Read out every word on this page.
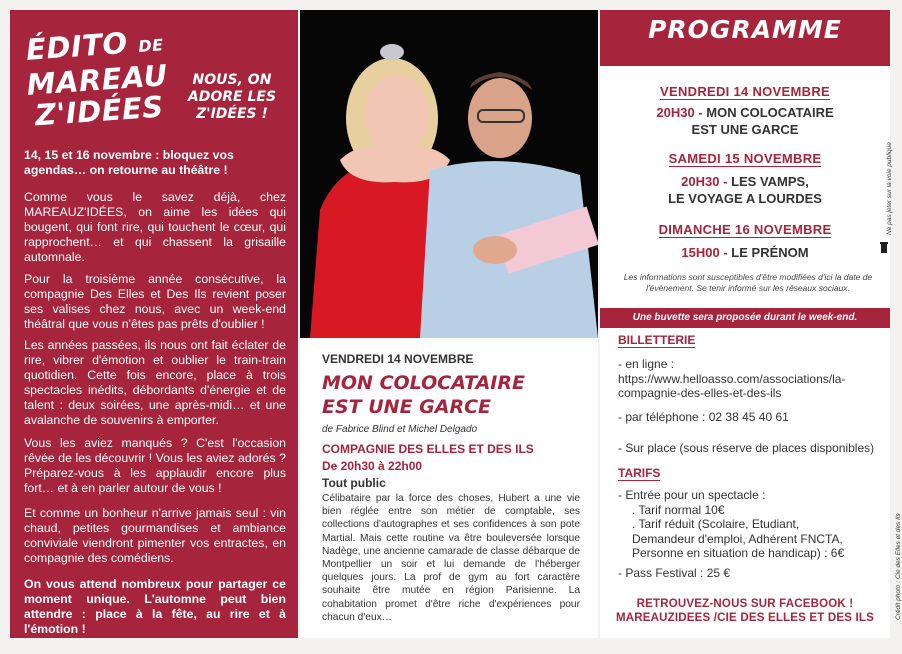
ÉDITO DE
MAREAU
Z'IDÉES
NOUS, ON ADORE LES Z'IDÉES !

14, 15 et 16 novembre : bloquez vos agendas… on retourne au théâtre !

Comme vous le savez déjà, chez MAREAUZ'IDÉES, on aime les idées qui bougent, qui font rire, qui touchent le cœur, qui rapprochent… et qui chassent la grisaille automnale.

Pour la troisième année consécutive, la compagnie Des Elles et Des Ils revient poser ses valises chez nous, avec un week-end théâtral que vous n'êtes pas prêts d'oublier !

Les années passées, ils nous ont fait éclater de rire, vibrer d'émotion et oublier le train-train quotidien. Cette fois encore, place à trois spectacles inédits, débordants d'énergie et de talent : deux soirées, une après-midi… et une avalanche de souvenirs à emporter.

Vous les aviez manqués ? C'est l'occasion rêvée de les découvrir ! Vous les aviez adorés ? Préparez-vous à les applaudir encore plus fort… et à en parler autour de vous !

Et comme un bonheur n'arrive jamais seul : vin chaud, petites gourmandises et ambiance conviviale viendront pimenter vos entractes, en compagnie des comédiens.

On vous attend nombreux pour partager ce moment unique. L'automne peut bien attendre : place à la fête, au rire et à l'émotion !

VENDREDI 14 NOVEMBRE
MON COLOCATAIRE
EST UNE GARCE
de Fabrice Blind et Michel Delgado
COMPAGNIE DES ELLES ET DES ILS
De 20h30 à 22h00
Tout public

Célibataire par la force des choses, Hubert a une vie bien réglée entre son métier de comptable, ses collections d'autographes et ses confidences à son pote Martial. Mais cette routine va être bouleversée lorsque Nadège, une ancienne camarade de classe débarque de Montpellier un soir et lui demande de l'héberger quelques jours. La prof de gym au fort caractère souhaite être mutée en région Parisienne. La cohabitation promet d'être riche d'expériences pour chacun d'eux…

PROGRAMME
VENDREDI 14 NOVEMBRE
20H30 - MON COLOCATAIRE
EST UNE GARCE
SAMEDI 15 NOVEMBRE
20H30 - LES VAMPS,
LE VOYAGE A LOURDES
DIMANCHE 16 NOVEMBRE
15H00 - LE PRÉNOM

Les informations sont susceptibles d'être modifiées d'ici la date de l'évènement. Se tenir informé sur les réseaux sociaux.

Une buvette sera proposée durant le week-end.
BILLETTERIE

- en ligne :
https://www.helloasso.com/associations/la-compagnie-des-elles-et-des-ils

- par téléphone : 02 38 45 40 61

- Sur place (sous réserve de places disponibles)

TARIFS

- Entrée pour un spectacle :

. Tarif normal 10€

. Tarif réduit (Scolaire, Etudiant, Demandeur d'emploi, Adhérent FNCTA, Personne en situation de handicap) : 6€

- Pass Festival : 25 €

RETROUVEZ-NOUS SUR FACEBOOK !
MAREAUZIDEES /CIE DES ELLES ET DES ILS
Ne pas jeter sur la voie publique
Crédit photo : Cie des Elles et des Ils
